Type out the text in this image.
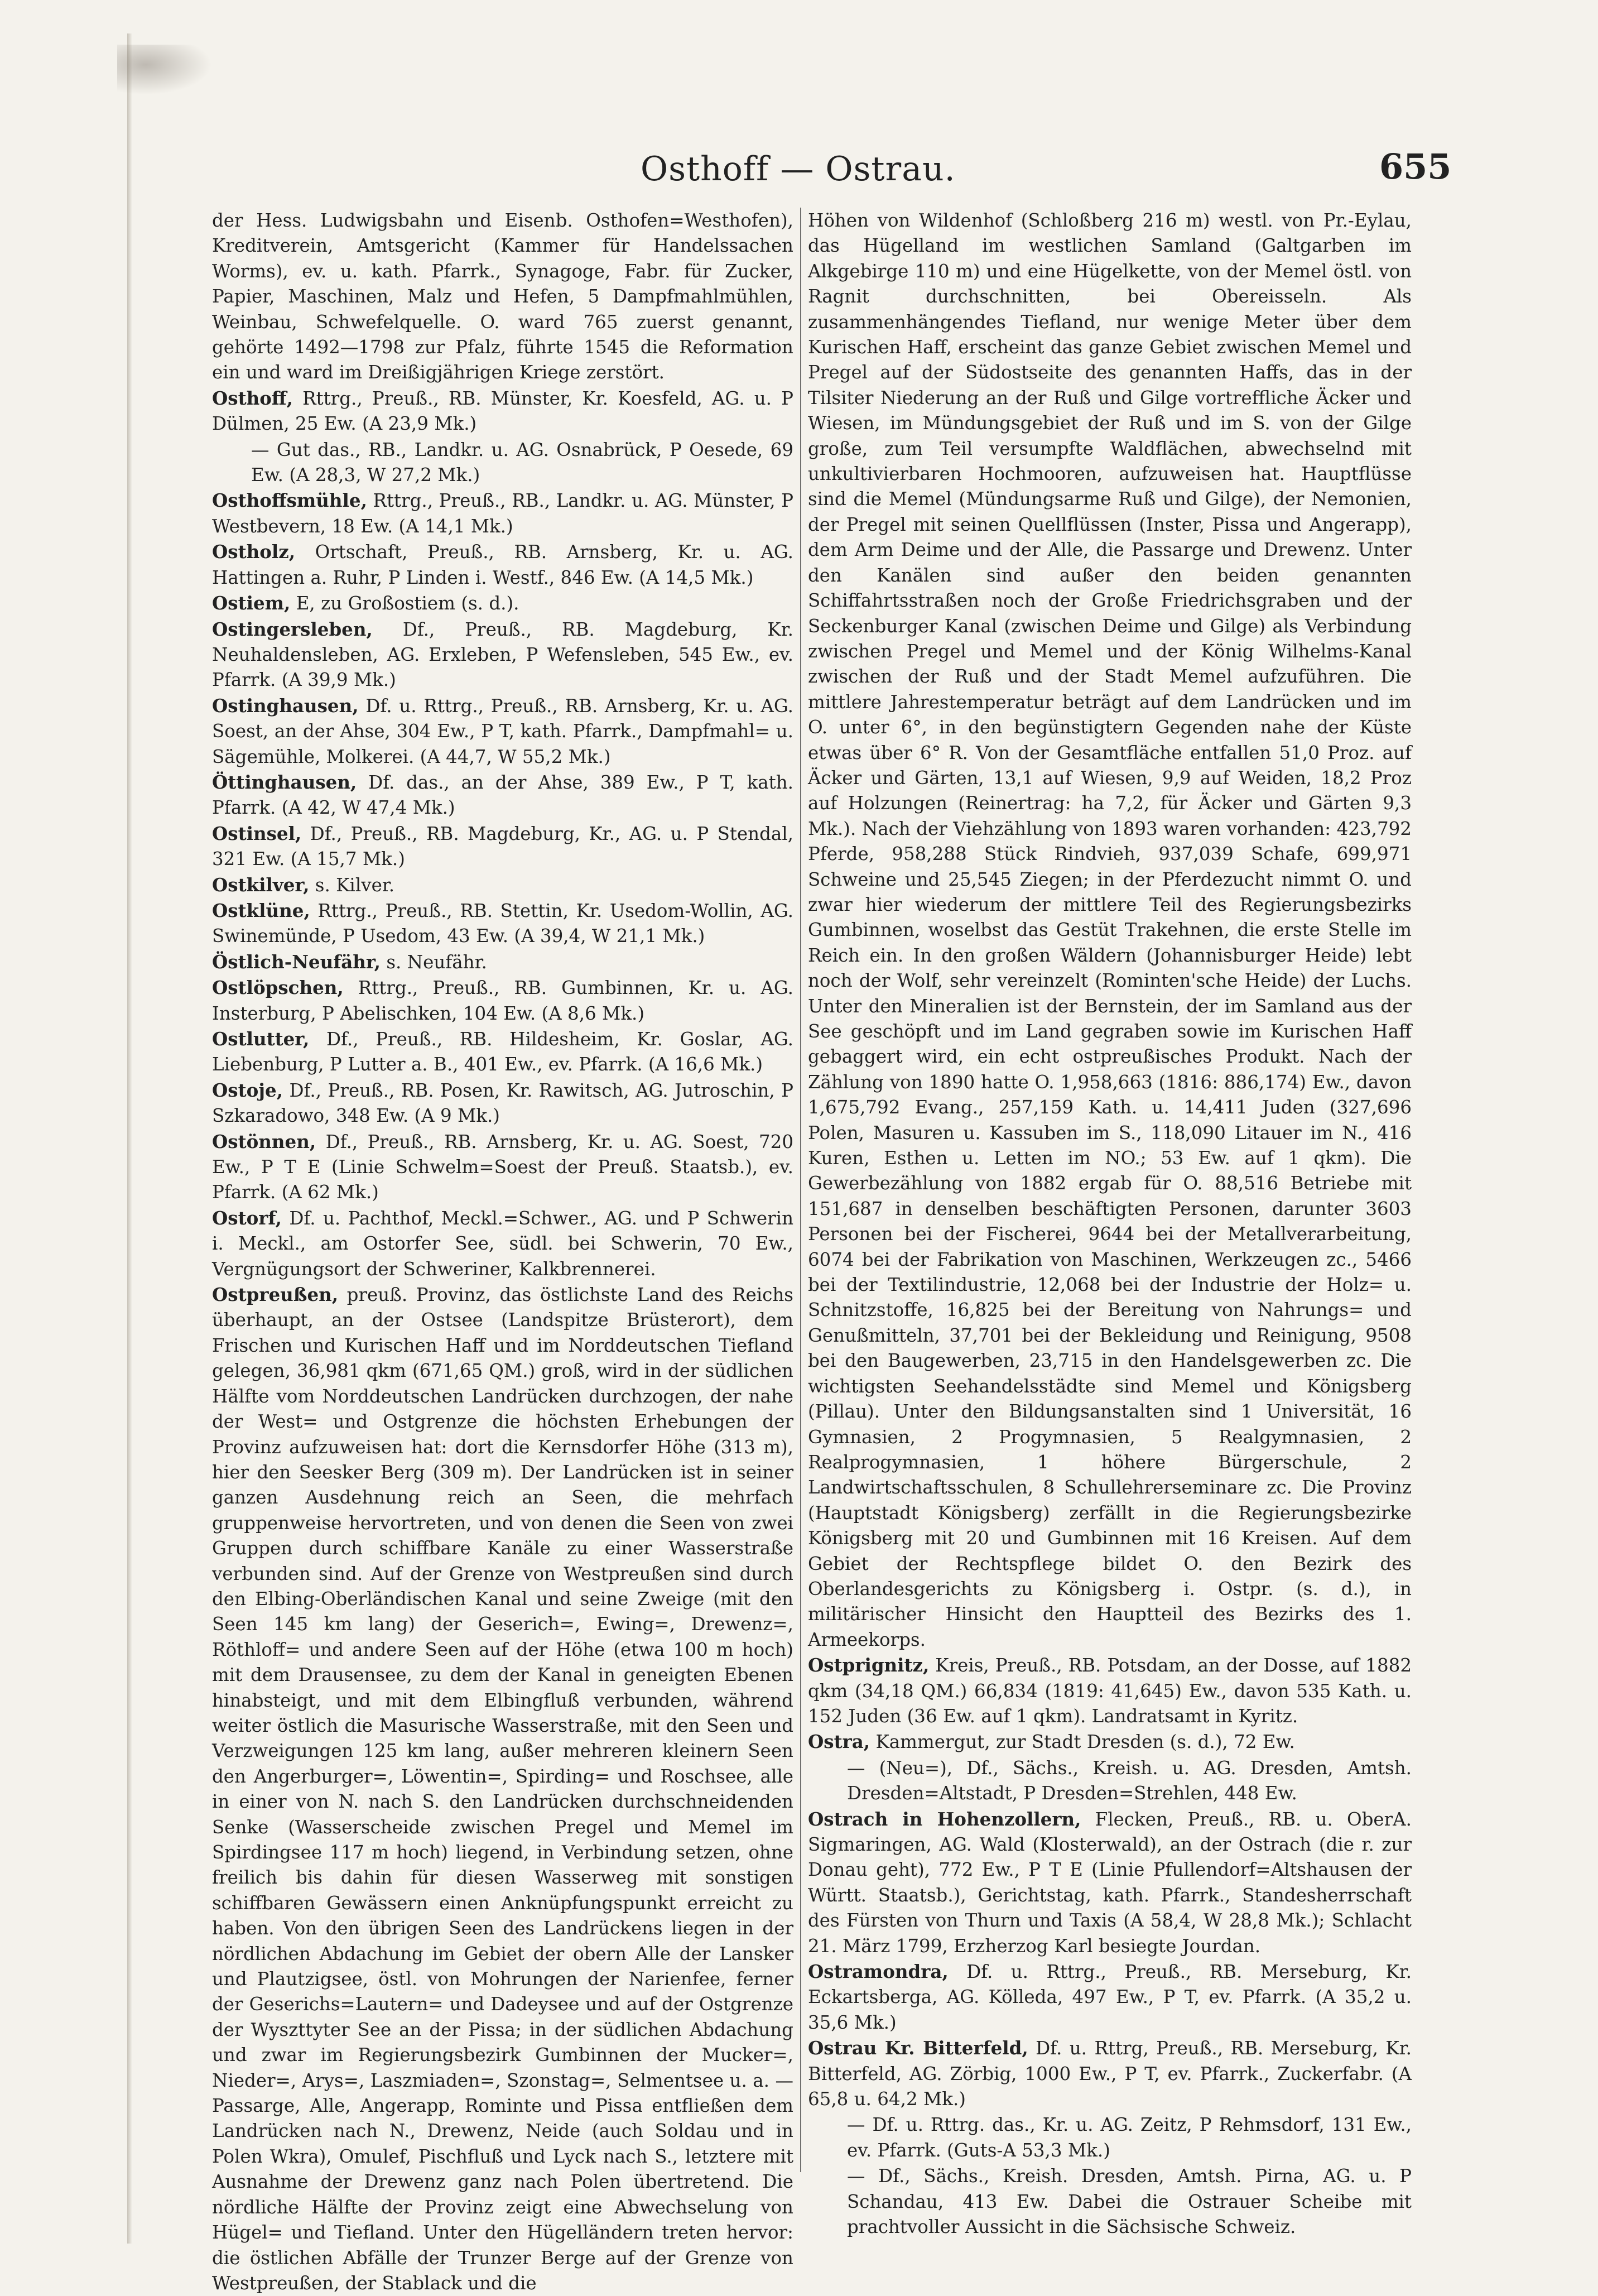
Osthoff — Ostrau.	655

der Hess. Ludwigsbahn und Eisenb. Osthofen=Westhofen), Kreditverein, Amtsgericht (Kammer für Handelssachen Worms), ev. u. kath. Pfarrk., Synagoge, Fabr. für Zucker, Papier, Maschinen, Malz und Hefen, 5 Dampfmahlmühlen, Weinbau, Schwefelquelle. O. ward 765 zuerst genannt, gehörte 1492—1798 zur Pfalz, führte 1545 die Reformation ein und ward im Dreißigjährigen Kriege zerstört.

Osthoff, Rttrg., Preuß., RB. Münster, Kr. Koesfeld, AG. u. P Dülmen, 25 Ew. (A 23,9 Mk.)

— Gut das., RB., Landkr. u. AG. Osnabrück, P Oesede, 69 Ew. (A 28,3, W 27,2 Mk.)

Osthoffsmühle, Rttrg., Preuß., RB., Landkr. u. AG. Münster, P Westbevern, 18 Ew. (A 14,1 Mk.)

Ostholz, Ortschaft, Preuß., RB. Arnsberg, Kr. u. AG. Hattingen a. Ruhr, P Linden i. Westf., 846 Ew. (A 14,5 Mk.)

Ostiem, E, zu Großostiem (s. d.).

Ostingersleben, Df., Preuß., RB. Magdeburg, Kr. Neuhaldensleben, AG. Erxleben, P Wefensleben, 545 Ew., ev. Pfarrk. (A 39,9 Mk.)

Ostinghausen, Df. u. Rttrg., Preuß., RB. Arnsberg, Kr. u. AG. Soest, an der Ahse, 304 Ew., P T, kath. Pfarrk., Dampfmahl= u. Sägemühle, Molkerei. (A 44,7, W 55,2 Mk.)

Öttinghausen, Df. das., an der Ahse, 389 Ew., P T, kath. Pfarrk. (A 42, W 47,4 Mk.)

Ostinsel, Df., Preuß., RB. Magdeburg, Kr., AG. u. P Stendal, 321 Ew. (A 15,7 Mk.)

Ostkilver, s. Kilver.

Ostklüne, Rttrg., Preuß., RB. Stettin, Kr. Usedom-Wollin, AG. Swinemünde, P Usedom, 43 Ew. (A 39,4, W 21,1 Mk.)

Östlich-Neufähr, s. Neufähr.

Ostlöpschen, Rttrg., Preuß., RB. Gumbinnen, Kr. u. AG. Insterburg, P Abelischken, 104 Ew. (A 8,6 Mk.)

Ostlutter, Df., Preuß., RB. Hildesheim, Kr. Goslar, AG. Liebenburg, P Lutter a. B., 401 Ew., ev. Pfarrk. (A 16,6 Mk.)

Ostoje, Df., Preuß., RB. Posen, Kr. Rawitsch, AG. Jutroschin, P Szkaradowo, 348 Ew. (A 9 Mk.)

Ostönnen, Df., Preuß., RB. Arnsberg, Kr. u. AG. Soest, 720 Ew., P T E (Linie Schwelm=Soest der Preuß. Staatsb.), ev. Pfarrk. (A 62 Mk.)

Ostorf, Df. u. Pachthof, Meckl.=Schwer., AG. und P Schwerin i. Meckl., am Ostorfer See, südl. bei Schwerin, 70 Ew., Vergnügungsort der Schweriner, Kalkbrennerei.

Ostpreußen, preuß. Provinz, das östlichste Land des Reichs überhaupt, an der Ostsee (Landspitze Brüsterort), dem Frischen und Kurischen Haff und im Norddeutschen Tiefland gelegen, 36,981 qkm (671,65 QM.) groß, wird in der südlichen Hälfte vom Norddeutschen Landrücken durchzogen, der nahe der West= und Ostgrenze die höchsten Erhebungen der Provinz aufzuweisen hat: dort die Kernsdorfer Höhe (313 m), hier den Seesker Berg (309 m). Der Landrücken ist in seiner ganzen Ausdehnung reich an Seen, die mehrfach gruppenweise hervortreten, und von denen die Seen von zwei Gruppen durch schiffbare Kanäle zu einer Wasserstraße verbunden sind. Auf der Grenze von Westpreußen sind durch den Elbing-Oberländischen Kanal und seine Zweige (mit den Seen 145 km lang) der Geserich=, Ewing=, Drewenz=, Röthloff= und andere Seen auf der Höhe (etwa 100 m hoch) mit dem Drausensee, zu dem der Kanal in geneigten Ebenen hinabsteigt, und mit dem Elbingfluß verbunden, während weiter östlich die Masurische Wasserstraße, mit den Seen und Verzweigungen 125 km lang, außer mehreren kleinern Seen den Angerburger=, Löwentin=, Spirding= und Roschsee, alle in einer von N. nach S. den Landrücken durchschneidenden Senke (Wasserscheide zwischen Pregel und Memel im Spirdingsee 117 m hoch) liegend, in Verbindung setzen, ohne freilich bis dahin für diesen Wasserweg mit sonstigen schiffbaren Gewässern einen Anknüpfungspunkt erreicht zu haben. Von den übrigen Seen des Landrückens liegen in der nördlichen Abdachung im Gebiet der obern Alle der Lansker und Plautzigsee, östl. von Mohrungen der Narienfee, ferner der Geserichs=Lautern= und Dadeysee und auf der Ostgrenze der Wyszttyter See an der Pissa; in der südlichen Abdachung und zwar im Regierungsbezirk Gumbinnen der Mucker=, Nieder=, Arys=, Laszmiaden=, Szonstag=, Selmentsee u. a. — Passarge, Alle, Angerapp, Rominte und Pissa entfließen dem Landrücken nach N., Drewenz, Neide (auch Soldau und in Polen Wkra), Omulef, Pischfluß und Lyck nach S., letztere mit Ausnahme der Drewenz ganz nach Polen übertretend. Die nördliche Hälfte der Provinz zeigt eine Abwechselung von Hügel= und Tiefland. Unter den Hügelländern treten hervor: die östlichen Abfälle der Trunzer Berge auf der Grenze von Westpreußen, der Stablack und die

Höhen von Wildenhof (Schloßberg 216 m) westl. von Pr.-Eylau, das Hügelland im westlichen Samland (Galtgarben im Alkgebirge 110 m) und eine Hügelkette, von der Memel östl. von Ragnit durchschnitten, bei Obereisseln. Als zusammenhängendes Tiefland, nur wenige Meter über dem Kurischen Haff, erscheint das ganze Gebiet zwischen Memel und Pregel auf der Südostseite des genannten Haffs, das in der Tilsiter Niederung an der Ruß und Gilge vortreffliche Äcker und Wiesen, im Mündungsgebiet der Ruß und im S. von der Gilge große, zum Teil versumpfte Waldflächen, abwechselnd mit unkultivierbaren Hochmooren, aufzuweisen hat. Hauptflüsse sind die Memel (Mündungsarme Ruß und Gilge), der Nemonien, der Pregel mit seinen Quellflüssen (Inster, Pissa und Angerapp), dem Arm Deime und der Alle, die Passarge und Drewenz. Unter den Kanälen sind außer den beiden genannten Schiffahrtsstraßen noch der Große Friedrichsgraben und der Seckenburger Kanal (zwischen Deime und Gilge) als Verbindung zwischen Pregel und Memel und der König Wilhelms-Kanal zwischen der Ruß und der Stadt Memel aufzuführen. Die mittlere Jahrestemperatur beträgt auf dem Landrücken und im O. unter 6°, in den begünstigtern Gegenden nahe der Küste etwas über 6° R. Von der Gesamtfläche entfallen 51,0 Proz. auf Äcker und Gärten, 13,1 auf Wiesen, 9,9 auf Weiden, 18,2 Proz auf Holzungen (Reinertrag: ha 7,2, für Äcker und Gärten 9,3 Mk.). Nach der Viehzählung von 1893 waren vorhanden: 423,792 Pferde, 958,288 Stück Rindvieh, 937,039 Schafe, 699,971 Schweine und 25,545 Ziegen; in der Pferdezucht nimmt O. und zwar hier wiederum der mittlere Teil des Regierungsbezirks Gumbinnen, woselbst das Gestüt Trakehnen, die erste Stelle im Reich ein. In den großen Wäldern (Johannisburger Heide) lebt noch der Wolf, sehr vereinzelt (Rominten'sche Heide) der Luchs. Unter den Mineralien ist der Bernstein, der im Samland aus der See geschöpft und im Land gegraben sowie im Kurischen Haff gebaggert wird, ein echt ostpreußisches Produkt. Nach der Zählung von 1890 hatte O. 1,958,663 (1816: 886,174) Ew., davon 1,675,792 Evang., 257,159 Kath. u. 14,411 Juden (327,696 Polen, Masuren u. Kassuben im S., 118,090 Litauer im N., 416 Kuren, Esthen u. Letten im NO.; 53 Ew. auf 1 qkm). Die Gewerbezählung von 1882 ergab für O. 88,516 Betriebe mit 151,687 in denselben beschäftigten Personen, darunter 3603 Personen bei der Fischerei, 9644 bei der Metallverarbeitung, 6074 bei der Fabrikation von Maschinen, Werkzeugen zc., 5466 bei der Textilindustrie, 12,068 bei der Industrie der Holz= u. Schnitzstoffe, 16,825 bei der Bereitung von Nahrungs= und Genußmitteln, 37,701 bei der Bekleidung und Reinigung, 9508 bei den Baugewerben, 23,715 in den Handelsgewerben zc. Die wichtigsten Seehandelsstädte sind Memel und Königsberg (Pillau). Unter den Bildungsanstalten sind 1 Universität, 16 Gymnasien, 2 Progymnasien, 5 Realgymnasien, 2 Realprogymnasien, 1 höhere Bürgerschule, 2 Landwirtschaftsschulen, 8 Schullehrerseminare zc. Die Provinz (Hauptstadt Königsberg) zerfällt in die Regierungsbezirke Königsberg mit 20 und Gumbinnen mit 16 Kreisen. Auf dem Gebiet der Rechtspflege bildet O. den Bezirk des Oberlandesgerichts zu Königsberg i. Ostpr. (s. d.), in militärischer Hinsicht den Hauptteil des Bezirks des 1. Armeekorps.

Ostprignitz, Kreis, Preuß., RB. Potsdam, an der Dosse, auf 1882 qkm (34,18 QM.) 66,834 (1819: 41,645) Ew., davon 535 Kath. u. 152 Juden (36 Ew. auf 1 qkm). Landratsamt in Kyritz.

Ostra, Kammergut, zur Stadt Dresden (s. d.), 72 Ew.

— (Neu=), Df., Sächs., Kreish. u. AG. Dresden, Amtsh. Dresden=Altstadt, P Dresden=Strehlen, 448 Ew.

Ostrach in Hohenzollern, Flecken, Preuß., RB. u. OberA. Sigmaringen, AG. Wald (Klosterwald), an der Ostrach (die r. zur Donau geht), 772 Ew., P T E (Linie Pfullendorf=Altshausen der Württ. Staatsb.), Gerichtstag, kath. Pfarrk., Standesherrschaft des Fürsten von Thurn und Taxis (A 58,4, W 28,8 Mk.); Schlacht 21. März 1799, Erzherzog Karl besiegte Jourdan.

Ostramondra, Df. u. Rttrg., Preuß., RB. Merseburg, Kr. Eckartsberga, AG. Kölleda, 497 Ew., P T, ev. Pfarrk. (A 35,2 u. 35,6 Mk.)

Ostrau Kr. Bitterfeld, Df. u. Rttrg, Preuß., RB. Merseburg, Kr. Bitterfeld, AG. Zörbig, 1000 Ew., P T, ev. Pfarrk., Zuckerfabr. (A 65,8 u. 64,2 Mk.)

— Df. u. Rttrg. das., Kr. u. AG. Zeitz, P Rehmsdorf, 131 Ew., ev. Pfarrk. (Guts-A 53,3 Mk.)

— Df., Sächs., Kreish. Dresden, Amtsh. Pirna, AG. u. P Schandau, 413 Ew. Dabei die Ostrauer Scheibe mit prachtvoller Aussicht in die Sächsische Schweiz.
